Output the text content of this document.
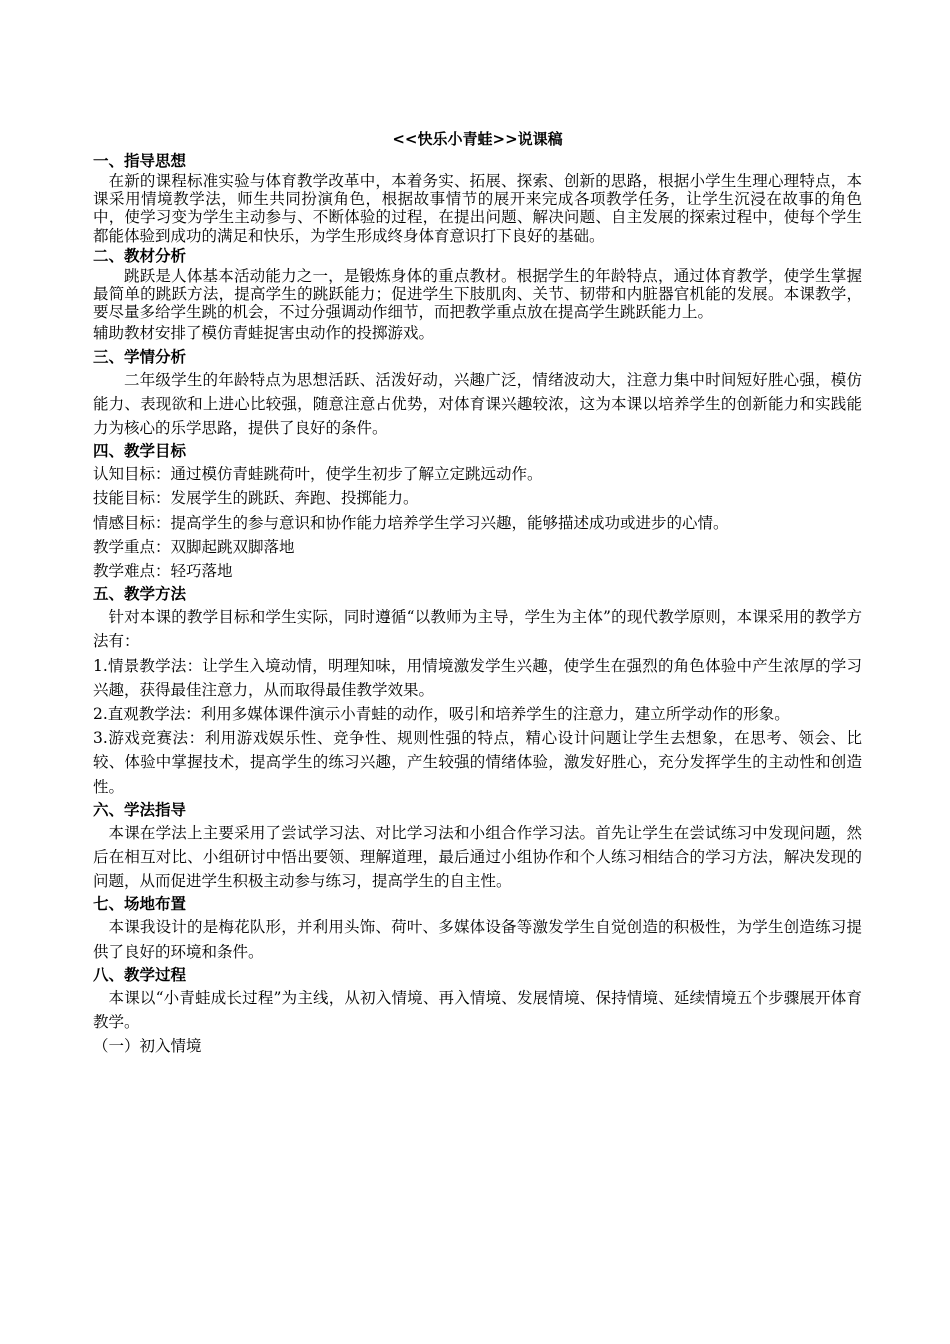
<<快乐小青蛙>>说课稿
一、指导思想

在新的课程标准实验与体育教学改革中，本着务实、拓展、探索、创新的思路，根据小学生生理心理特点，本课采用情境教学法，师生共同扮演角色，根据故事情节的展开来完成各项教学任务，让学生沉浸在故事的角色中，使学习变为学生主动参与、不断体验的过程，在提出问题、解决问题、自主发展的探索过程中，使每个学生都能体验到成功的满足和快乐，为学生形成终身体育意识打下良好的基础。

二、教材分析

跳跃是人体基本活动能力之一，是锻炼身体的重点教材。根据学生的年龄特点，通过体育教学，使学生掌握最简单的跳跃方法，提高学生的跳跃能力；促进学生下肢肌肉、关节、韧带和内脏器官机能的发展。本课教学，要尽量多给学生跳的机会，不过分强调动作细节，而把教学重点放在提高学生跳跃能力上。

辅助教材安排了模仿青蛙捉害虫动作的投掷游戏。

三、学情分析

二年级学生的年龄特点为思想活跃、活泼好动，兴趣广泛，情绪波动大，注意力集中时间短好胜心强，模仿能力、表现欲和上进心比较强，随意注意占优势，对体育课兴趣较浓，这为本课以培养学生的创新能力和实践能力为核心的乐学思路，提供了良好的条件。

四、教学目标

认知目标：通过模仿青蛙跳荷叶，使学生初步了解立定跳远动作。

技能目标：发展学生的跳跃、奔跑、投掷能力。

情感目标：提高学生的参与意识和协作能力培养学生学习兴趣，能够描述成功或进步的心情。

教学重点：双脚起跳双脚落地

教学难点：轻巧落地

五、教学方法

针对本课的教学目标和学生实际，同时遵循“以教师为主导，学生为主体”的现代教学原则，本课采用的教学方法有：

1.情景教学法：让学生入境动情，明理知味，用情境激发学生兴趣，使学生在强烈的角色体验中产生浓厚的学习兴趣，获得最佳注意力，从而取得最佳教学效果。

2.直观教学法：利用多媒体课件演示小青蛙的动作，吸引和培养学生的注意力，建立所学动作的形象。

3.游戏竞赛法：利用游戏娱乐性、竞争性、规则性强的特点，精心设计问题让学生去想象，在思考、领会、比较、体验中掌握技术，提高学生的练习兴趣，产生较强的情绪体验，激发好胜心，充分发挥学生的主动性和创造性。

六、学法指导

本课在学法上主要采用了尝试学习法、对比学习法和小组合作学习法。首先让学生在尝试练习中发现问题，然后在相互对比、小组研讨中悟出要领、理解道理，最后通过小组协作和个人练习相结合的学习方法，解决发现的问题，从而促进学生积极主动参与练习，提高学生的自主性。

七、场地布置

本课我设计的是梅花队形，并利用头饰、荷叶、多媒体设备等激发学生自觉创造的积极性，为学生创造练习提供了良好的环境和条件。

八、教学过程

本课以“小青蛙成长过程”为主线，从初入情境、再入情境、发展情境、保持情境、延续情境五个步骤展开体育教学。

（一）初入情境
